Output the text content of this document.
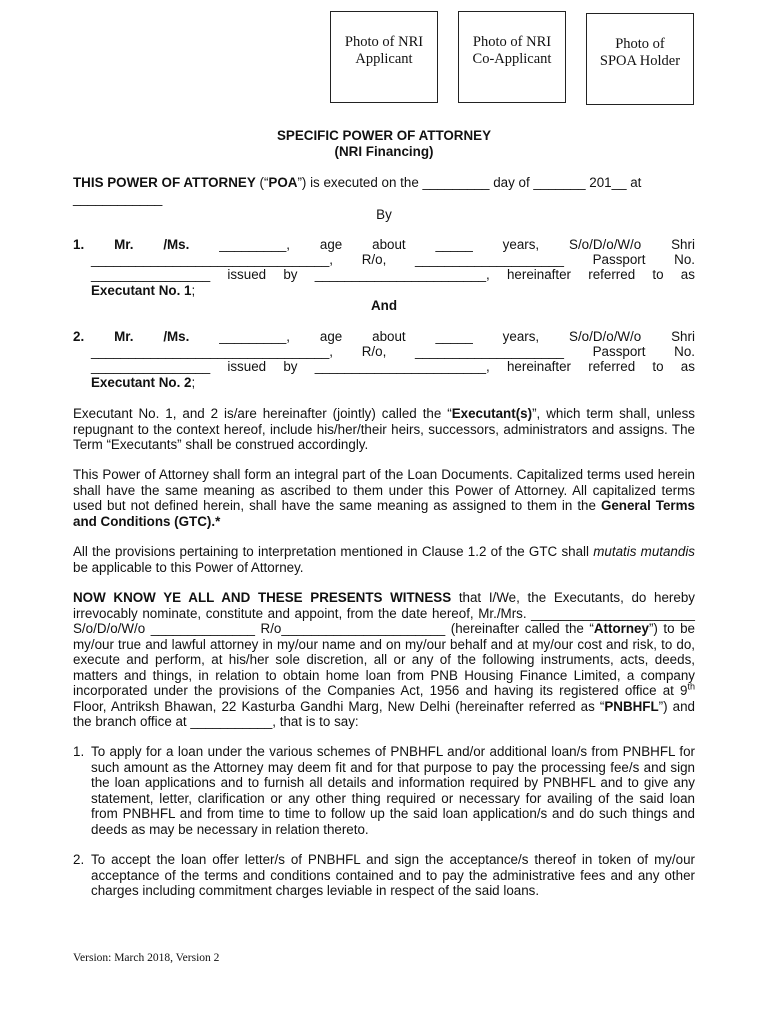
Photo of NRI
Applicant
Photo of NRI
Co-Applicant
Photo of
SPOA Holder
SPECIFIC POWER OF ATTORNEY
(NRI Financing)
THIS POWER OF ATTORNEY (“POA”) is executed on the _________ day of _______ 201__ at
____________
By
1. Mr. /Ms. _________, age about _____ years, S/o/D/o/W/o Shri
________________________________, R/o, ____________________ Passport No.
________________ issued by _______________________, hereinafter referred to as
Executant No. 1;
And
2. Mr. /Ms. _________, age about _____ years, S/o/D/o/W/o Shri
________________________________, R/o, ____________________ Passport No.
________________ issued by _______________________, hereinafter referred to as
Executant No. 2;
Executant No. 1, and 2 is/are hereinafter (jointly) called the “Executant(s)”, which term shall, unless repugnant to the context hereof, include his/her/their heirs, successors, administrators and assigns. The Term “Executants” shall be construed accordingly.
This Power of Attorney shall form an integral part of the Loan Documents. Capitalized terms used herein shall have the same meaning as ascribed to them under this Power of Attorney. All capitalized terms used but not defined herein, shall have the same meaning as assigned to them in the General Terms and Conditions (GTC).*
All the provisions pertaining to interpretation mentioned in Clause 1.2 of the GTC shall mutatis mutandis be applicable to this Power of Attorney.
NOW KNOW YE ALL AND THESE PRESENTS WITNESS that I/We, the Executants, do hereby irrevocably nominate, constitute and appoint, from the date hereof, Mr./Mrs. ______________________ S/o/D/o/W/o ______________ R/o______________________ (hereinafter called the “Attorney”) to be my/our true and lawful attorney in my/our name and on my/our behalf and at my/our cost and risk, to do, execute and perform, at his/her sole discretion, all or any of the following instruments, acts, deeds, matters and things, in relation to obtain home loan from PNB Housing Finance Limited, a company incorporated under the provisions of the Companies Act, 1956 and having its registered office at 9th Floor, Antriksh Bhawan, 22 Kasturba Gandhi Marg, New Delhi (hereinafter referred as “PNBHFL”) and the branch office at ___________, that is to say:
1. To apply for a loan under the various schemes of PNBHFL and/or additional loan/s from PNBHFL for such amount as the Attorney may deem fit and for that purpose to pay the processing fee/s and sign the loan applications and to furnish all details and information required by PNBHFL and to give any statement, letter, clarification or any other thing required or necessary for availing of the said loan from PNBHFL and from time to time to follow up the said loan application/s and do such things and deeds as may be necessary in relation thereto.
2. To accept the loan offer letter/s of PNBHFL and sign the acceptance/s thereof in token of my/our acceptance of the terms and conditions contained and to pay the administrative fees and any other charges including commitment charges leviable in respect of the said loans.
Version: March 2018, Version 2
